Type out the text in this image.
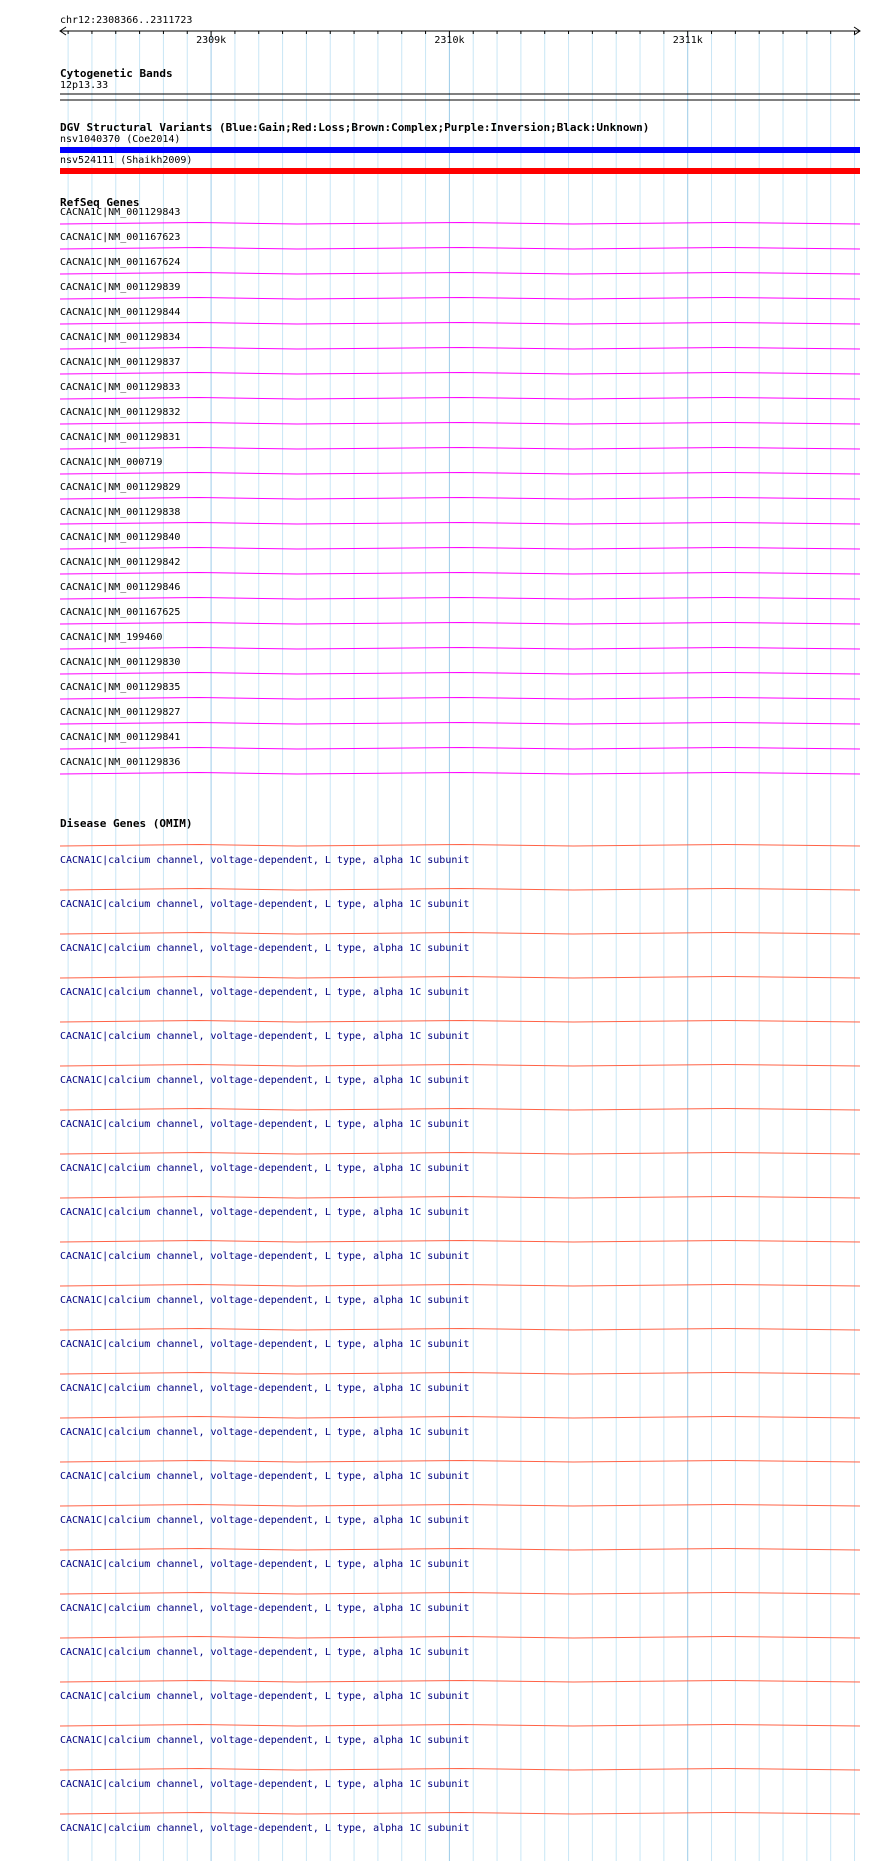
chr12:2308366..2311723
Cytogenetic Bands
12p13.33
DGV Structural Variants (Blue:Gain;Red:Loss;Brown:Complex;Purple:Inversion;Black:Unknown)
RefSeq Genes
Disease Genes (OMIM)
2309k	2310k	2311k
nsv1040370 (Coe2014)
nsv524111 (Shaikh2009)
CACNA1C|NM_001129843
CACNA1C|NM_001167623
CACNA1C|NM_001167624
CACNA1C|NM_001129839
CACNA1C|NM_001129844
CACNA1C|NM_001129834
CACNA1C|NM_001129837
CACNA1C|NM_001129833
CACNA1C|NM_001129832
CACNA1C|NM_001129831
CACNA1C|NM_000719
CACNA1C|NM_001129829
CACNA1C|NM_001129838
CACNA1C|NM_001129840
CACNA1C|NM_001129842
CACNA1C|NM_001129846
CACNA1C|NM_001167625
CACNA1C|NM_199460
CACNA1C|NM_001129830
CACNA1C|NM_001129835
CACNA1C|NM_001129827
CACNA1C|NM_001129841
CACNA1C|NM_001129836
CACNA1C|calcium channel, voltage-dependent, L type, alpha 1C subunit
CACNA1C|calcium channel, voltage-dependent, L type, alpha 1C subunit
CACNA1C|calcium channel, voltage-dependent, L type, alpha 1C subunit
CACNA1C|calcium channel, voltage-dependent, L type, alpha 1C subunit
CACNA1C|calcium channel, voltage-dependent, L type, alpha 1C subunit
CACNA1C|calcium channel, voltage-dependent, L type, alpha 1C subunit
CACNA1C|calcium channel, voltage-dependent, L type, alpha 1C subunit
CACNA1C|calcium channel, voltage-dependent, L type, alpha 1C subunit
CACNA1C|calcium channel, voltage-dependent, L type, alpha 1C subunit
CACNA1C|calcium channel, voltage-dependent, L type, alpha 1C subunit
CACNA1C|calcium channel, voltage-dependent, L type, alpha 1C subunit
CACNA1C|calcium channel, voltage-dependent, L type, alpha 1C subunit
CACNA1C|calcium channel, voltage-dependent, L type, alpha 1C subunit
CACNA1C|calcium channel, voltage-dependent, L type, alpha 1C subunit
CACNA1C|calcium channel, voltage-dependent, L type, alpha 1C subunit
CACNA1C|calcium channel, voltage-dependent, L type, alpha 1C subunit
CACNA1C|calcium channel, voltage-dependent, L type, alpha 1C subunit
CACNA1C|calcium channel, voltage-dependent, L type, alpha 1C subunit
CACNA1C|calcium channel, voltage-dependent, L type, alpha 1C subunit
CACNA1C|calcium channel, voltage-dependent, L type, alpha 1C subunit
CACNA1C|calcium channel, voltage-dependent, L type, alpha 1C subunit
CACNA1C|calcium channel, voltage-dependent, L type, alpha 1C subunit
CACNA1C|calcium channel, voltage-dependent, L type, alpha 1C subunit
